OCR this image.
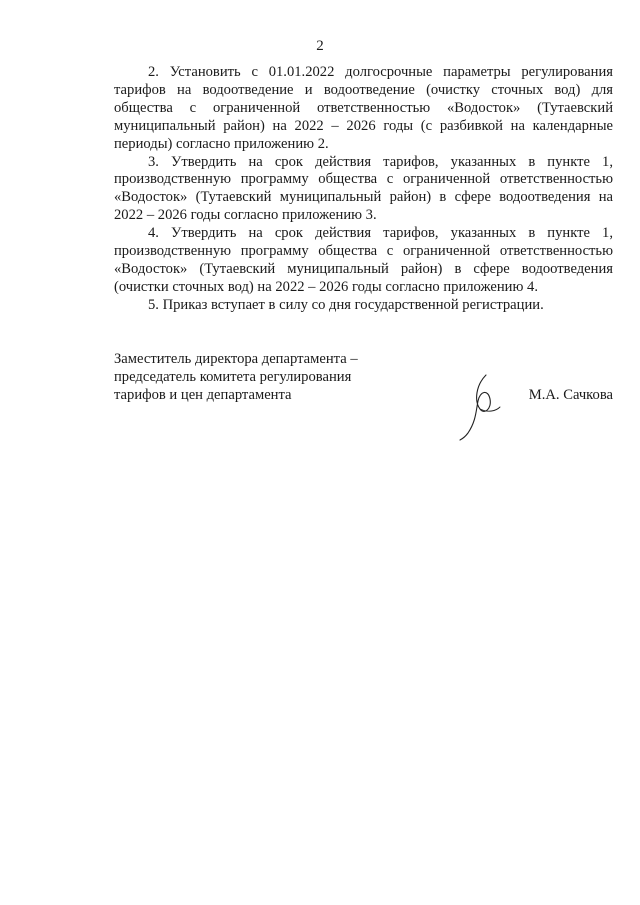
2

2. Установить с 01.01.2022 долгосрочные параметры регулирования тарифов на водоотведение и водоотведение (очистку сточных вод) для общества с ограниченной ответственностью «Водосток» (Тутаевский муниципальный район) на 2022 – 2026 годы (с разбивкой на календарные периоды) согласно приложению 2.

3. Утвердить на срок действия тарифов, указанных в пункте 1, производственную программу общества с ограниченной ответственностью «Водосток» (Тутаевский муниципальный район) в сфере водоотведения на 2022 – 2026 годы согласно приложению 3.

4. Утвердить на срок действия тарифов, указанных в пункте 1, производственную программу общества с ограниченной ответственностью «Водосток» (Тутаевский муниципальный район) в сфере водоотведения (очистки сточных вод) на 2022 – 2026 годы согласно приложению 4.

5. Приказ вступает в силу со дня государственной регистрации.

Заместитель директора департамента –
председатель комитета регулирования
тарифов и цен департамента	М.А. Сачкова
